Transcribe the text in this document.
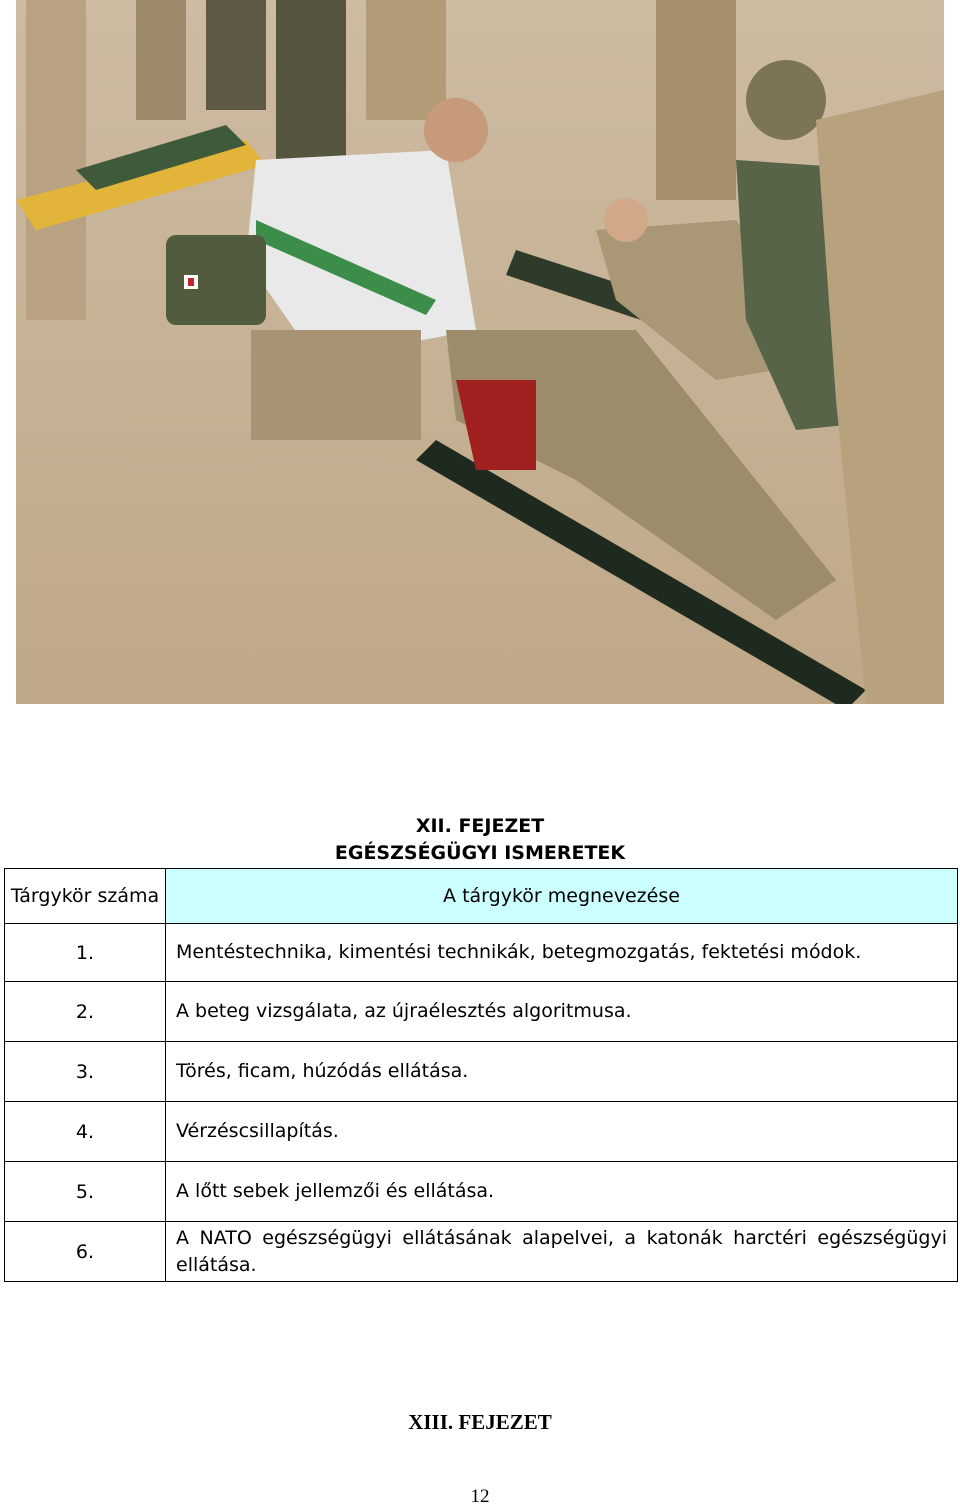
XII. FEJEZET
EGÉSZSÉGÜGYI ISMERETEK
Tárgykör száma	A tárgykör megnevezése
1.	Mentéstechnika, kimentési technikák, betegmozgatás, fektetési módok.
2.	A beteg vizsgálata, az újraélesztés algoritmusa.
3.	Törés, ficam, húzódás ellátása.
4.	Vérzéscsillapítás.
5.	A lőtt sebek jellemzői és ellátása.
6.	A NATO egészségügyi ellátásának alapelvei, a katonák harctéri egészségügyi ellátása.
XIII. FEJEZET
12
